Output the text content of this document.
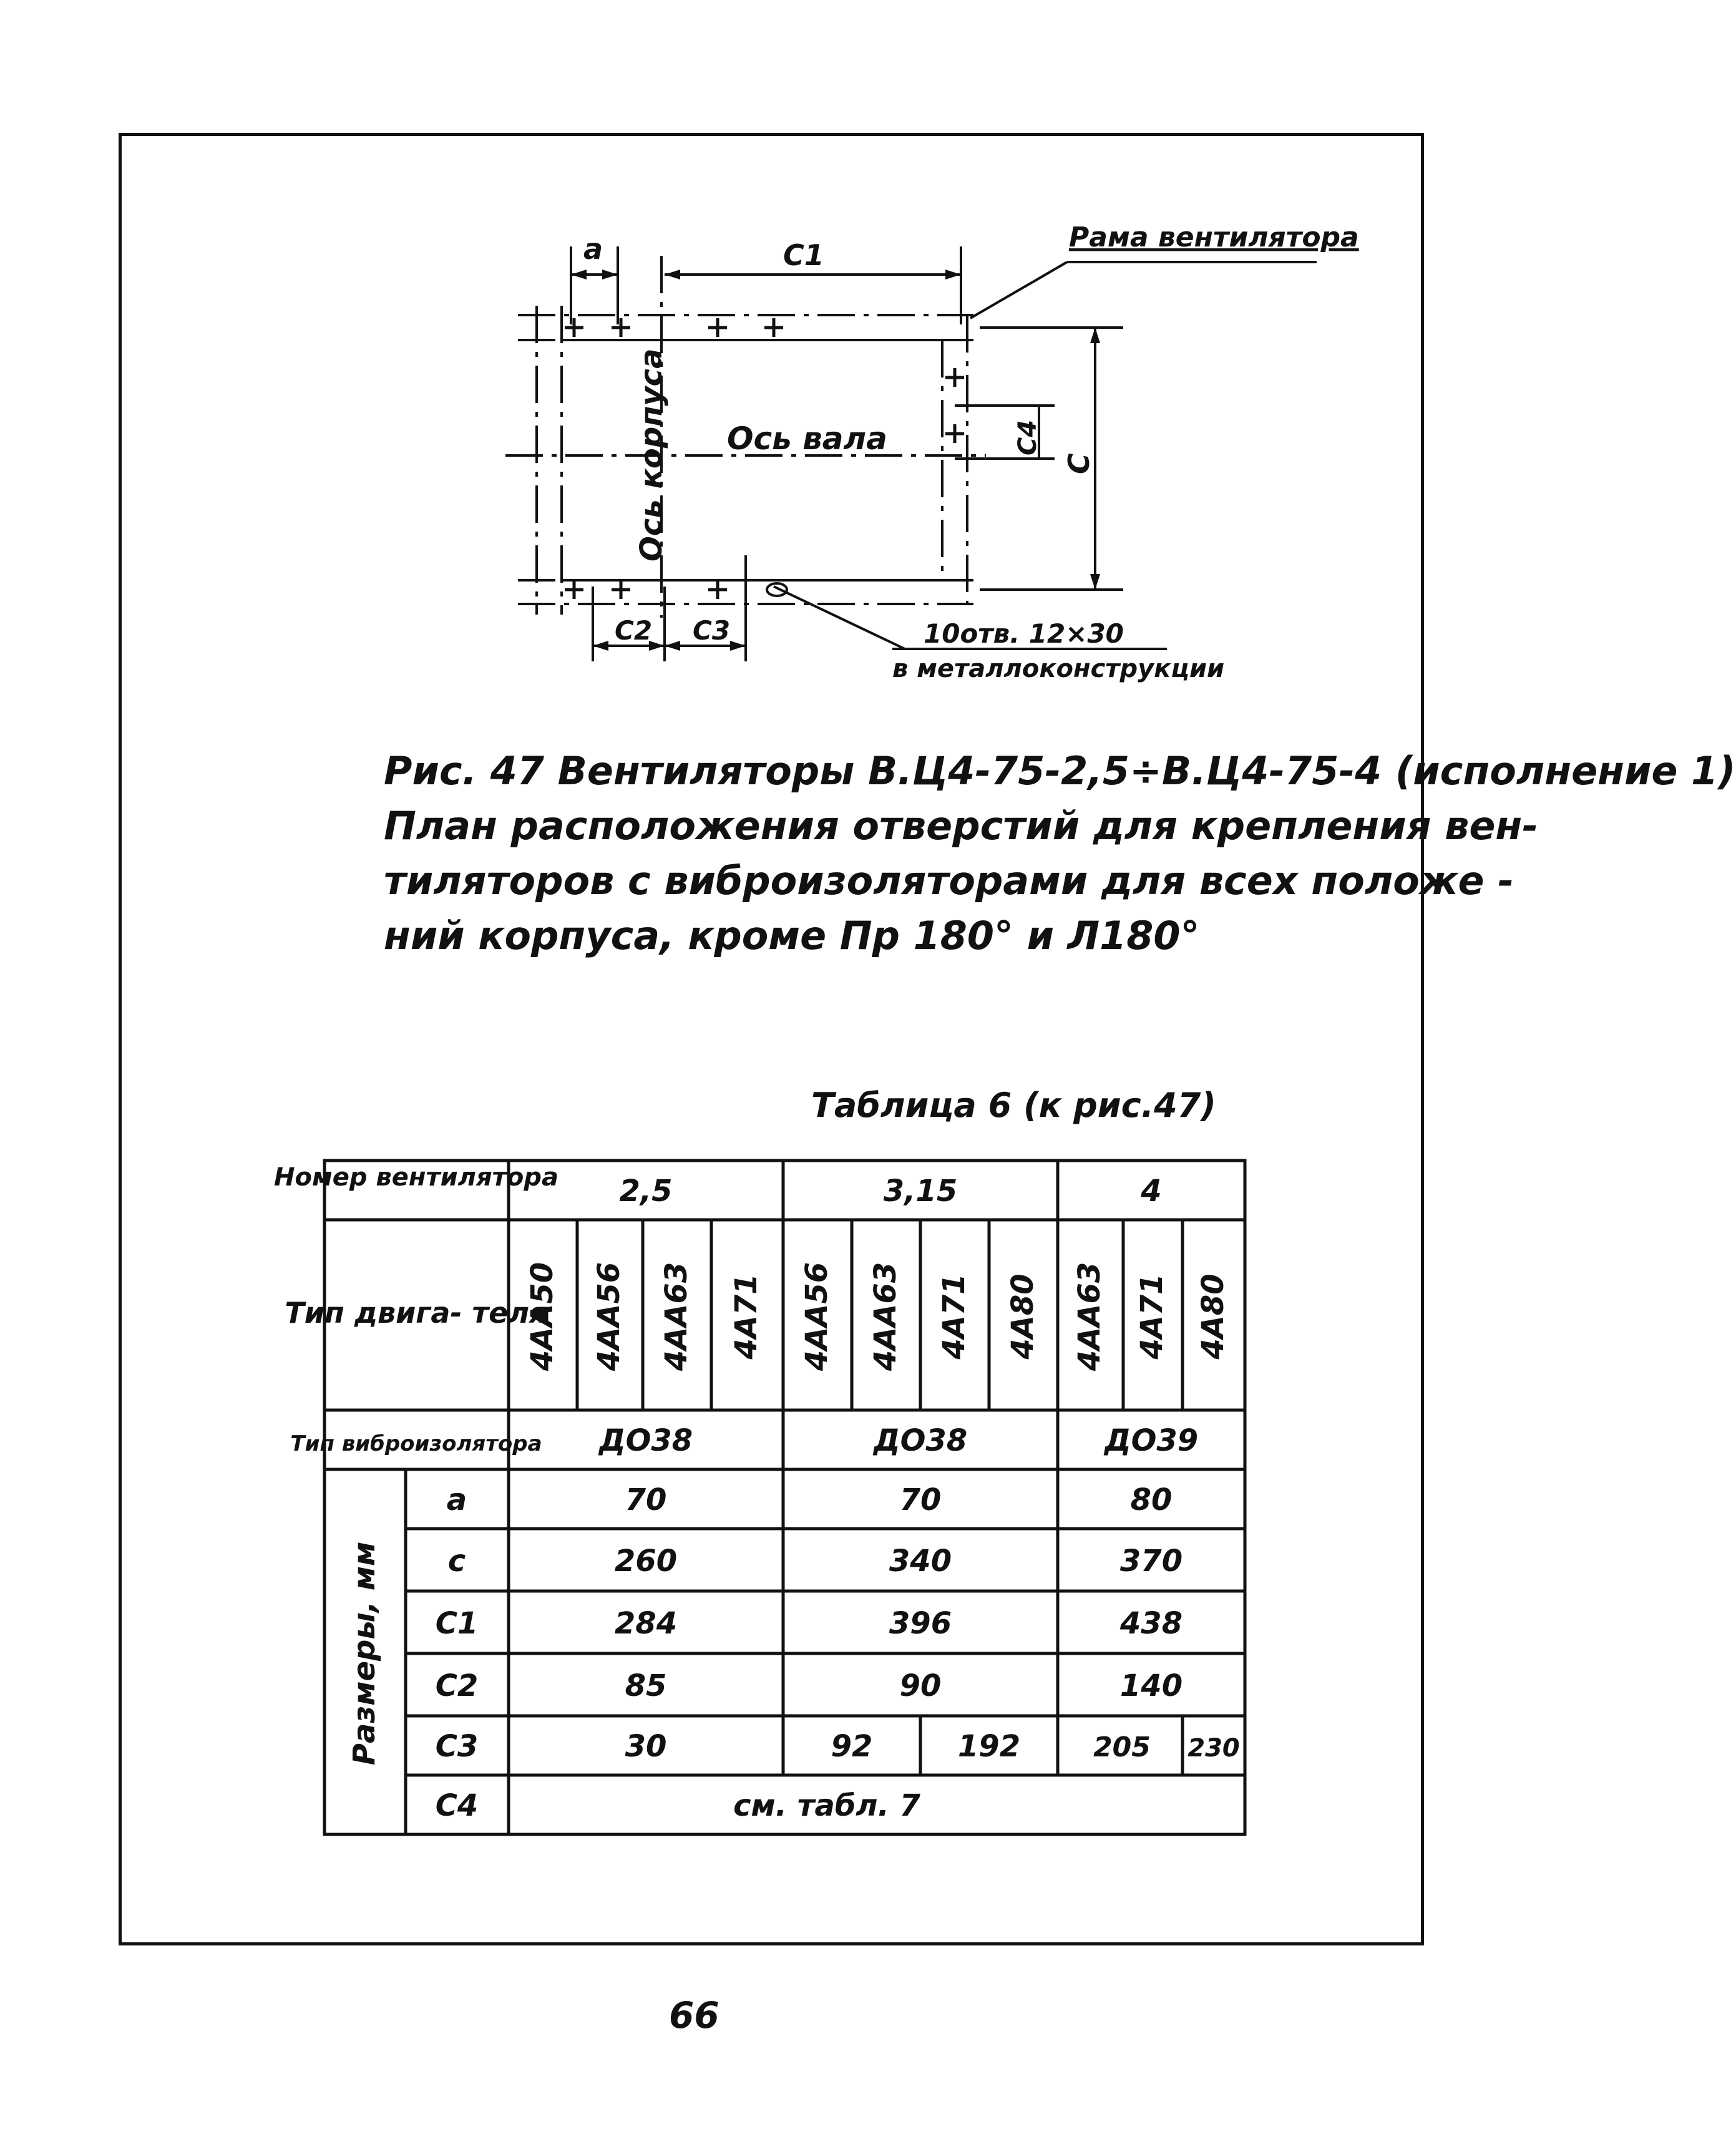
a	C1
Рама вентилятора
Ось вала
Ось корпуса	C
C4
C2 C3	10отв. 12×30
в металлоконструкции
Рис. 47 Вентиляторы В.Ц4-75-2,5÷В.Ц4-75-4 (исполнение 1)
План расположения отверстий для крепления вен-
тиляторов с виброизоляторами для всех положе -
ний корпуса, кроме Пр 180° и Л180°
Таблица 6 (к рис.47)
Номер вентилятора 2,5	3,15	4
Тип двига- теля
4АА50 4АА56 4АА63 4А71 4АА56 4АА63 4А71 4А80 4АА63 4А71 4А80
Тип виброизолятора ДО38	ДО38	ДО39
Размеры, мм
a	70	70	80
c	260	340	370
C1	284	396	438
C2	85	90	140
C3	30	92	192	205 230
C4	см. табл. 7
66
